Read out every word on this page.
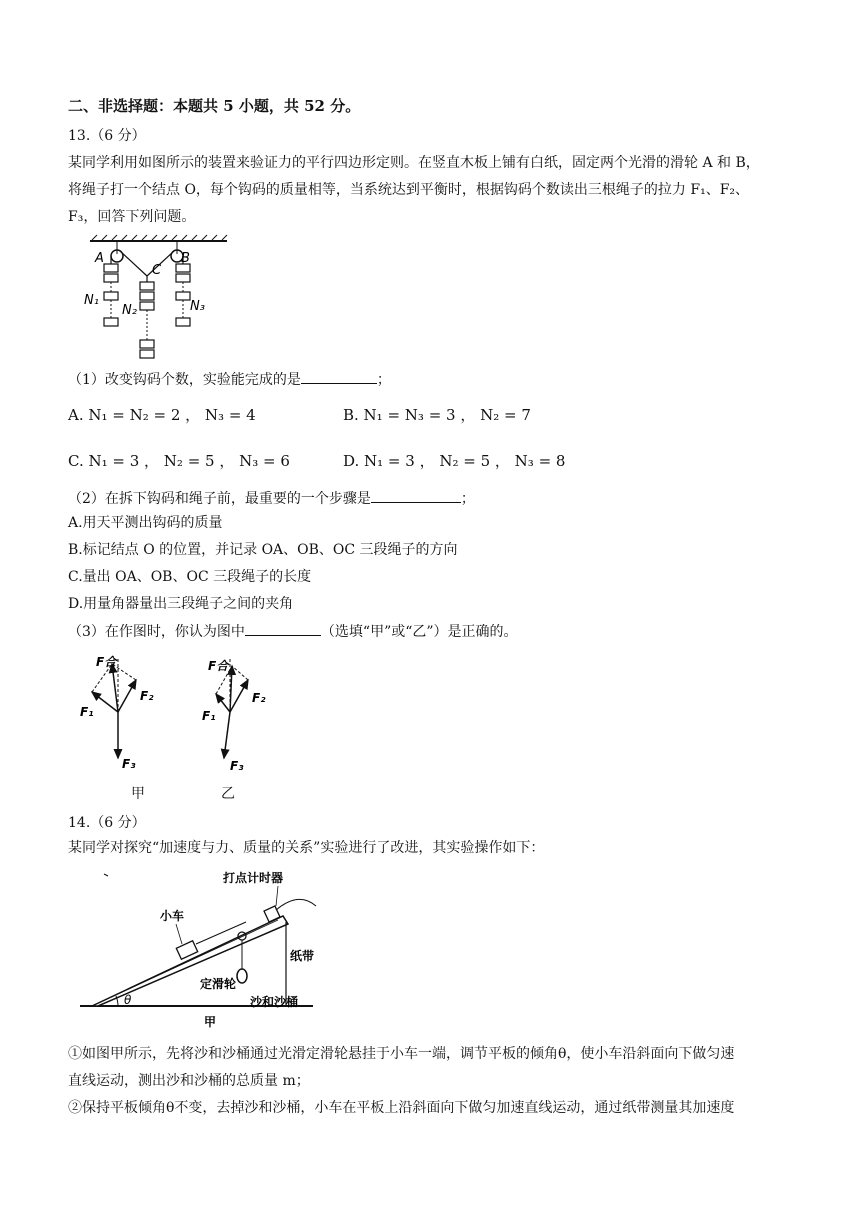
二、非选择题：本题共 5 小题，共 52 分。
13.（6 分）
某同学利用如图所示的装置来验证力的平行四边形定则。在竖直木板上铺有白纸，固定两个光滑的滑轮 A 和 B，
将绳子打一个结点 O，每个钩码的质量相等，当系统达到平衡时，根据钩码个数读出三根绳子的拉力 F₁、F₂、
F₃，回答下列问题。
A	B
C
N₁
N₂	N₃
（1）改变钩码个数，实验能完成的是	；
A. N₁ = N₂ = 2 ， N₃ = 4	B. N₁ = N₃ = 3 ， N₂ = 7
C. N₁ = 3 ， N₂ = 5 ， N₃ = 6	D. N₁ = 3 ， N₂ = 5 ， N₃ = 8
（2）在拆下钩码和绳子前，最重要的一个步骤是	；
A.用天平测出钩码的质量
B.标记结点 O 的位置，并记录 OA、OB、OC 三段绳子的方向
C.量出 OA、OB、OC 三段绳子的长度
D.用量角器量出三段绳子之间的夹角
（3）在作图时，你认为图中	（选填“甲”或“乙”）是正确的。
F合
F₁
F₂
F₃
F合
F₁
F₂
F₃
甲	乙
14.（6 分）
某同学对探究“加速度与力、质量的关系”实验进行了改进，其实验操作如下：
打点计时器
小车
纸带
定滑轮
沙和沙桶
θ
甲
①如图甲所示，先将沙和沙桶通过光滑定滑轮悬挂于小车一端，调节平板的倾角θ，使小车沿斜面向下做匀速
直线运动，测出沙和沙桶的总质量 m；
②保持平板倾角θ不变，去掉沙和沙桶，小车在平板上沿斜面向下做匀加速直线运动，通过纸带测量其加速度
